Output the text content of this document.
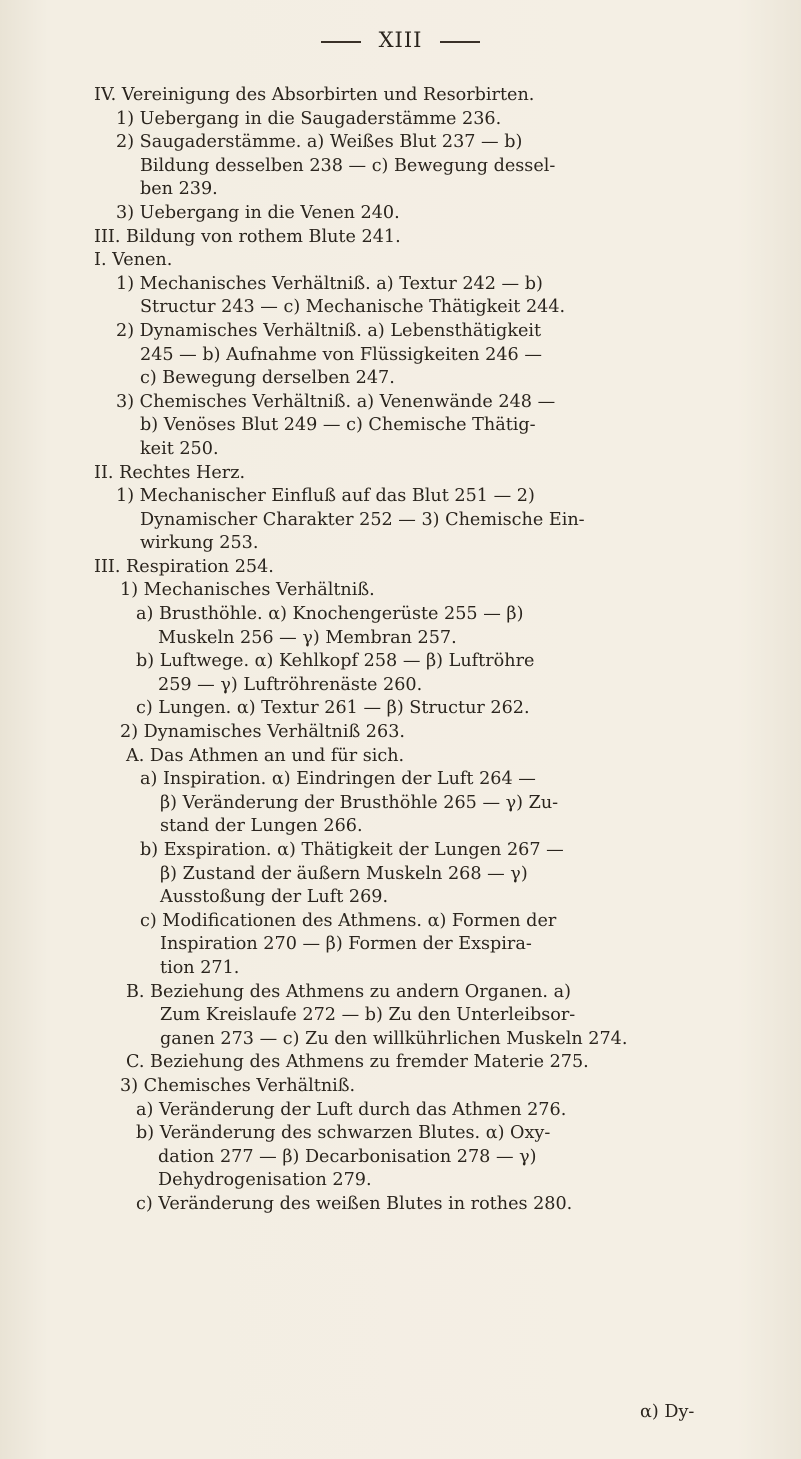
XIII
IV. Vereinigung des Absorbirten und Resorbirten.
1) Uebergang in die Saugaderstämme 236.
2) Saugaderstämme. a) Weißes Blut 237 — b)
Bildung desselben 238 — c) Bewegung dessel-
ben 239.
3) Uebergang in die Venen 240.
III. Bildung von rothem Blute 241.
I. Venen.
1) Mechanisches Verhältniß. a) Textur 242 — b)
Structur 243 — c) Mechanische Thätigkeit 244.
2) Dynamisches Verhältniß. a) Lebensthätigkeit
245 — b) Aufnahme von Flüssigkeiten 246 —
c) Bewegung derselben 247.
3) Chemisches Verhältniß. a) Venenwände 248 —
b) Venöses Blut 249 — c) Chemische Thätig-
keit 250.
II. Rechtes Herz.
1) Mechanischer Einfluß auf das Blut 251 — 2)
Dynamischer Charakter 252 — 3) Chemische Ein-
wirkung 253.
III. Respiration 254.
1) Mechanisches Verhältniß.
a) Brusthöhle. α) Knochengerüste 255 — β)
Muskeln 256 — γ) Membran 257.
b) Luftwege. α) Kehlkopf 258 — β) Luftröhre
259 — γ) Luftröhrenäste 260.
c) Lungen. α) Textur 261 — β) Structur 262.
2) Dynamisches Verhältniß 263.
A. Das Athmen an und für sich.
a) Inspiration. α) Eindringen der Luft 264 —
β) Veränderung der Brusthöhle 265 — γ) Zu-
stand der Lungen 266.
b) Exspiration. α) Thätigkeit der Lungen 267 —
β) Zustand der äußern Muskeln 268 — γ)
Ausstoßung der Luft 269.
c) Modificationen des Athmens. α) Formen der
Inspiration 270 — β) Formen der Exspira-
tion 271.
B. Beziehung des Athmens zu andern Organen. a)
Zum Kreislaufe 272 — b) Zu den Unterleibsor-
ganen 273 — c) Zu den willkührlichen Muskeln 274.
C. Beziehung des Athmens zu fremder Materie 275.
3) Chemisches Verhältniß.
a) Veränderung der Luft durch das Athmen 276.
b) Veränderung des schwarzen Blutes. α) Oxy-
dation 277 — β) Decarbonisation 278 — γ)
Dehydrogenisation 279.
c) Veränderung des weißen Blutes in rothes 280.
α) Dy-
